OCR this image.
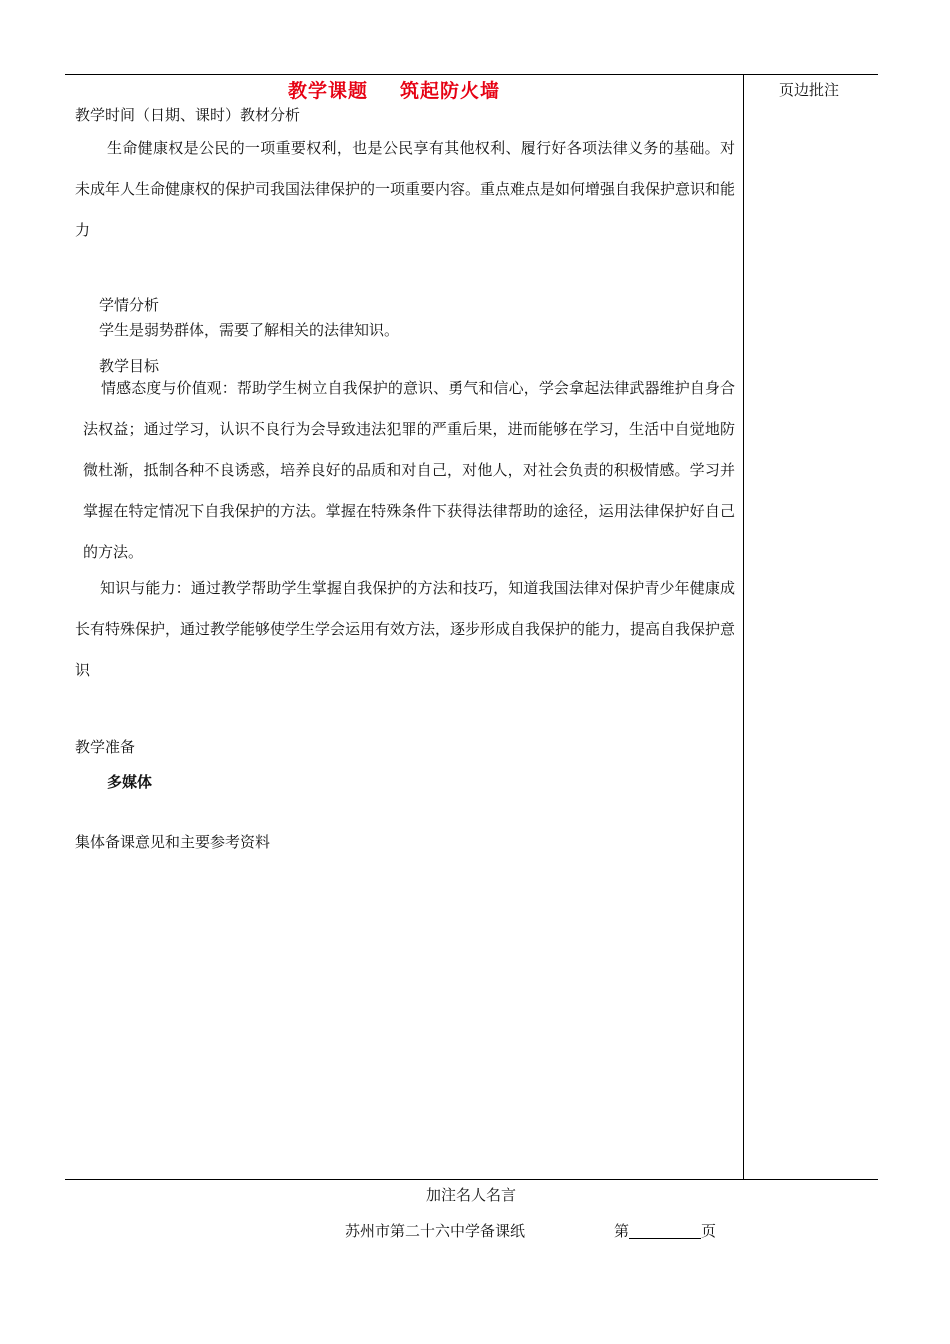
教学课题 筑起防火墙	页边批注
教学时间（日期、课时）教材分析
生命健康权是公民的一项重要权利，也是公民享有其他权利、履行好各项法律义务的基础。对未成年人生命健康权的保护司我国法律保护的一项重要内容。重点难点是如何增强自我保护意识和能力
学情分析
学生是弱势群体，需要了解相关的法律知识。
教学目标
情感态度与价值观：帮助学生树立自我保护的意识、勇气和信心，学会拿起法律武器维护自身合法权益；通过学习，认识不良行为会导致违法犯罪的严重后果，进而能够在学习，生活中自觉地防微杜渐，抵制各种不良诱惑，培养良好的品质和对自己，对他人，对社会负责的积极情感。学习并掌握在特定情况下自我保护的方法。掌握在特殊条件下获得法律帮助的途径，运用法律保护好自己的方法。
知识与能力：通过教学帮助学生掌握自我保护的方法和技巧，知道我国法律对保护青少年健康成长有特殊保护，通过教学能够使学生学会运用有效方法，逐步形成自我保护的能力，提高自我保护意识
教学准备
多媒体
集体备课意见和主要参考资料
加注名人名言
苏州市第二十六中学备课纸	第	页
